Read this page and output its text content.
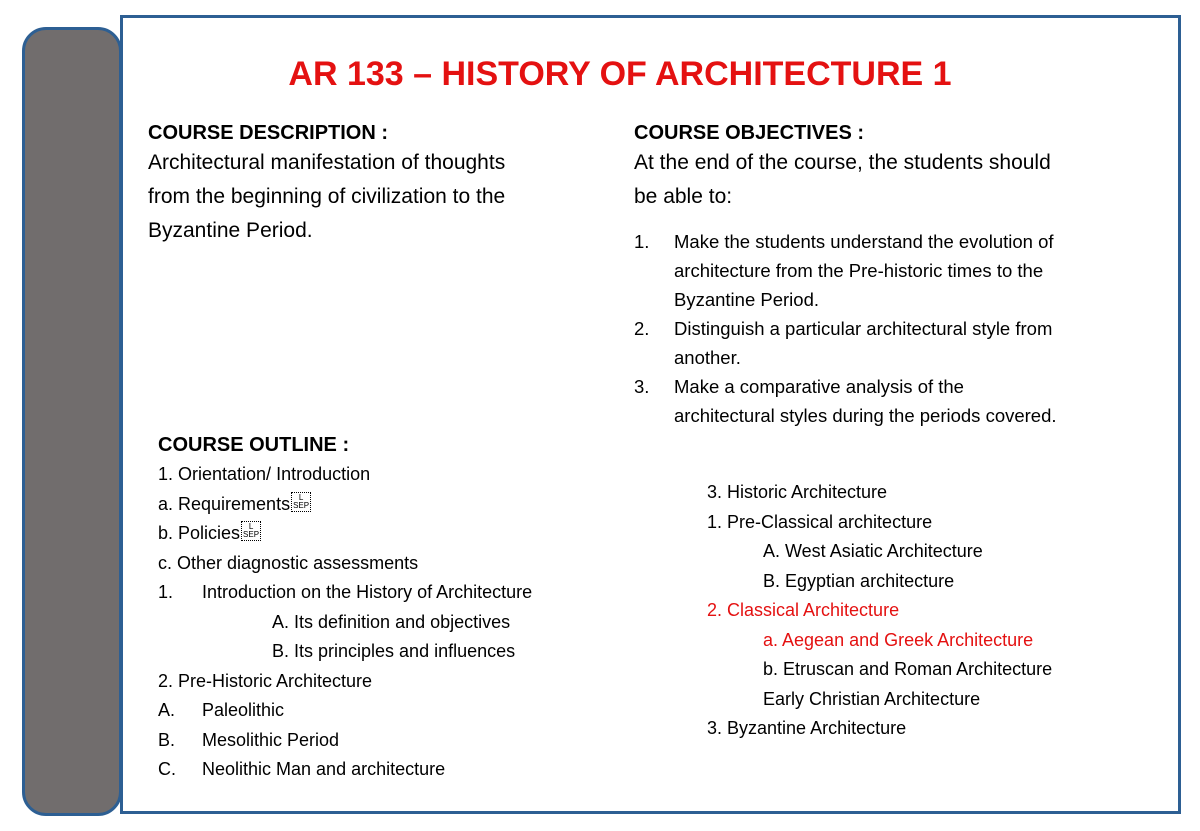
AR 133 – HISTORY OF ARCHITECTURE 1
COURSE DESCRIPTION :
Architectural manifestation of thoughts
from the beginning of civilization to the
Byzantine Period.
COURSE OBJECTIVES :
At the end of the course, the students should
be able to:
1.	Make the students understand the evolution of
architecture from the Pre-historic times to the
Byzantine Period.
2.	Distinguish a particular architectural style from
another.
3.	Make a comparative analysis of the
architectural styles during the periods covered.
COURSE OUTLINE :
1. Orientation/ Introduction
a. Requirements L
SEP
b. Policies L
SEP
c. Other diagnostic assessments
1. Introduction on the History of Architecture
A. Its definition and objectives
B. Its principles and influences
2. Pre-Historic Architecture
A. Paleolithic
B. Mesolithic Period
C. Neolithic Man and architecture
3. Historic Architecture
1. Pre-Classical architecture
A. West Asiatic Architecture
B. Egyptian architecture
2. Classical Architecture
a. Aegean and Greek Architecture
b. Etruscan and Roman Architecture
Early Christian Architecture
3. Byzantine Architecture
